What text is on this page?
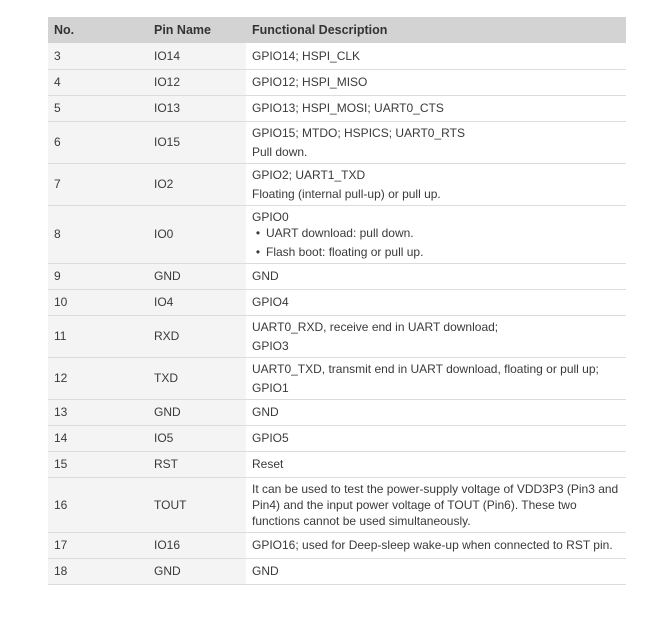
No.	Pin Name	Functional Description
3	IO14	GPIO14; HSPI_CLK

4	IO12	GPIO12; HSPI_MISO

5	IO13	GPIO13; HSPI_MOSI; UART0_CTS

6	IO15	GPIO15; MTDO; HSPICS; UART0_RTS
Pull down.

7	IO2	GPIO2; UART1_TXD
Floating (internal pull-up) or pull up.

8	IO0	GPIO0
• UART download: pull down.
• Flash boot: floating or pull up.

9	GND	GND

10	IO4	GPIO4

11	RXD	UART0_RXD, receive end in UART download;
GPIO3

12	TXD	UART0_TXD, transmit end in UART download, floating or pull up;
GPIO1

13	GND	GND

14	IO5	GPIO5

15	RST	Reset

16	TOUT	It can be used to test the power-supply voltage of VDD3P3 (Pin3 and Pin4) and the input power voltage of TOUT (Pin6). These two functions cannot be used simultaneously.

17	IO16	GPIO16; used for Deep-sleep wake-up when connected to RST pin.

18	GND	GND
